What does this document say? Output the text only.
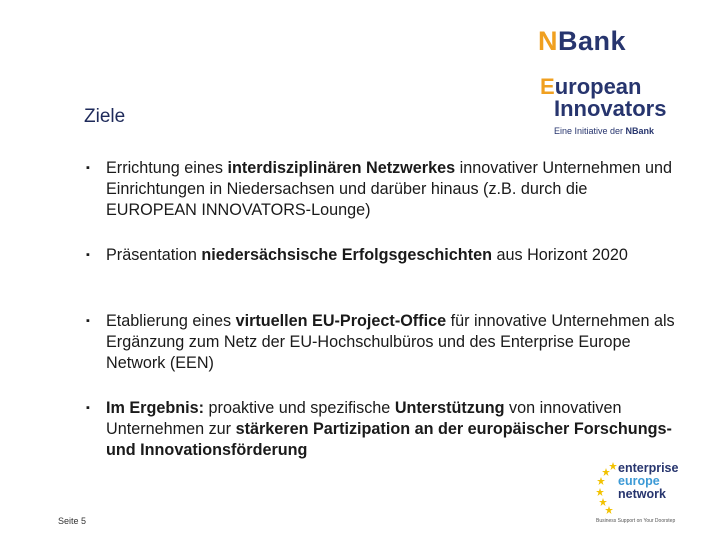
NBank
European
Innovators
Eine Initiative der NBank
Ziele
▪ Errichtung eines interdisziplinären Netzwerkes innovativer Unternehmen und Einrichtungen in Niedersachsen und darüber hinaus (z.B. durch die EUROPEAN INNOVATORS-Lounge)
▪ Präsentation niedersächsische Erfolgsgeschichten aus Horizont 2020
▪ Etablierung eines virtuellen EU-Project-Office für innovative Unternehmen als Ergänzung zum Netz der EU-Hochschulbüros und des Enterprise Europe Network (EEN)
▪ Im Ergebnis: proaktive und spezifische Unterstützung von innovativen Unternehmen zur stärkeren Partizipation an der europäischer Forschungs- und Innovationsförderung
Seite 5
enterprise
europe
network
Business Support on Your Doorstep
